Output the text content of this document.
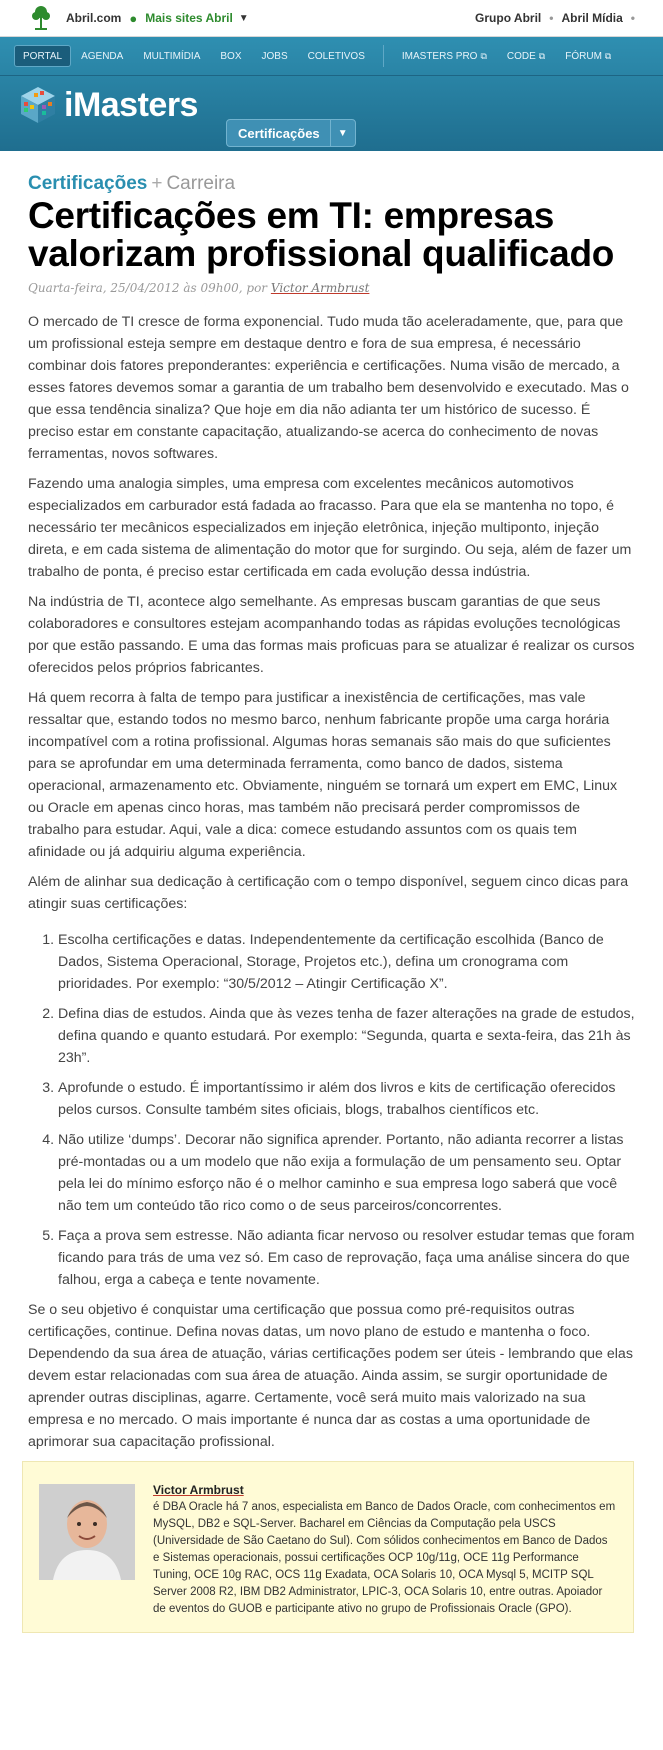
Abril.com ● Mais sites Abril ▼	Grupo Abril • Abril Mídia •
PORTAL	AGENDA	MULTIMÍDIA	BOX	JOBS	COLETIVOS	IMASTERS PRO ⧉ CODE ⧉ FÓRUM ⧉
iMasters
Certificações	▼
Certificações + Carreira
Certificações em TI: empresas valorizam profissional qualificado
Quarta-feira, 25/04/2012 às 09h00, por Victor Armbrust

O mercado de TI cresce de forma exponencial. Tudo muda tão aceleradamente, que, para que um profissional esteja sempre em destaque dentro e fora de sua empresa, é necessário combinar dois fatores preponderantes: experiência e certificações. Numa visão de mercado, a esses fatores devemos somar a garantia de um trabalho bem desenvolvido e executado. Mas o que essa tendência sinaliza? Que hoje em dia não adianta ter um histórico de sucesso. É preciso estar em constante capacitação, atualizando-se acerca do conhecimento de novas ferramentas, novos softwares.

Fazendo uma analogia simples, uma empresa com excelentes mecânicos automotivos especializados em carburador está fadada ao fracasso. Para que ela se mantenha no topo, é necessário ter mecânicos especializados em injeção eletrônica, injeção multiponto, injeção direta, e em cada sistema de alimentação do motor que for surgindo. Ou seja, além de fazer um trabalho de ponta, é preciso estar certificada em cada evolução dessa indústria.

Na indústria de TI, acontece algo semelhante. As empresas buscam garantias de que seus colaboradores e consultores estejam acompanhando todas as rápidas evoluções tecnológicas por que estão passando. E uma das formas mais proficuas para se atualizar é realizar os cursos oferecidos pelos próprios fabricantes.

Há quem recorra à falta de tempo para justificar a inexistência de certificações, mas vale ressaltar que, estando todos no mesmo barco, nenhum fabricante propõe uma carga horária incompatível com a rotina profissional. Algumas horas semanais são mais do que suficientes para se aprofundar em uma determinada ferramenta, como banco de dados, sistema operacional, armazenamento etc. Obviamente, ninguém se tornará um expert em EMC, Linux ou Oracle em apenas cinco horas, mas também não precisará perder compromissos de trabalho para estudar. Aqui, vale a dica: comece estudando assuntos com os quais tem afinidade ou já adquiriu alguma experiência.

Além de alinhar sua dedicação à certificação com o tempo disponível, seguem cinco dicas para atingir suas certificações:

1. Escolha certificações e datas. Independentemente da certificação escolhida (Banco de Dados, Sistema Operacional, Storage, Projetos etc.), defina um cronograma com prioridades. Por exemplo: “30/5/2012 – Atingir Certificação X”.
2. Defina dias de estudos. Ainda que às vezes tenha de fazer alterações na grade de estudos, defina quando e quanto estudará. Por exemplo: “Segunda, quarta e sexta-feira, das 21h às 23h”.
3. Aprofunde o estudo. É importantíssimo ir além dos livros e kits de certificação oferecidos pelos cursos. Consulte também sites oficiais, blogs, trabalhos científicos etc.
4. Não utilize ‘dumps’. Decorar não significa aprender. Portanto, não adianta recorrer a listas pré-montadas ou a um modelo que não exija a formulação de um pensamento seu. Optar pela lei do mínimo esforço não é o melhor caminho e sua empresa logo saberá que você não tem um conteúdo tão rico como o de seus parceiros/concorrentes.
5. Faça a prova sem estresse. Não adianta ficar nervoso ou resolver estudar temas que foram ficando para trás de uma vez só. Em caso de reprovação, faça uma análise sincera do que falhou, erga a cabeça e tente novamente.

Se o seu objetivo é conquistar uma certificação que possua como pré-requisitos outras certificações, continue. Defina novas datas, um novo plano de estudo e mantenha o foco. Dependendo da sua área de atuação, várias certificações podem ser úteis - lembrando que elas devem estar relacionadas com sua área de atuação. Ainda assim, se surgir oportunidade de aprender outras disciplinas, agarre. Certamente, você será muito mais valorizado na sua empresa e no mercado. O mais importante é nunca dar as costas a uma oportunidade de aprimorar sua capacitação profissional.

Victor Armbrust
é DBA Oracle há 7 anos, especialista em Banco de Dados Oracle, com conhecimentos em MySQL, DB2 e SQL-Server. Bacharel em Ciências da Computação pela USCS (Universidade de São Caetano do Sul). Com sólidos conhecimentos em Banco de Dados e Sistemas operacionais, possui certificações OCP 10g/11g, OCE 11g Performance Tuning, OCE 10g RAC, OCS 11g Exadata, OCA Solaris 10, OCA Mysql 5, MCITP SQL Server 2008 R2, IBM DB2 Administrator, LPIC-3, OCA Solaris 10, entre outras. Apoiador de eventos do GUOB e participante ativo no grupo de Profissionais Oracle (GPO).
